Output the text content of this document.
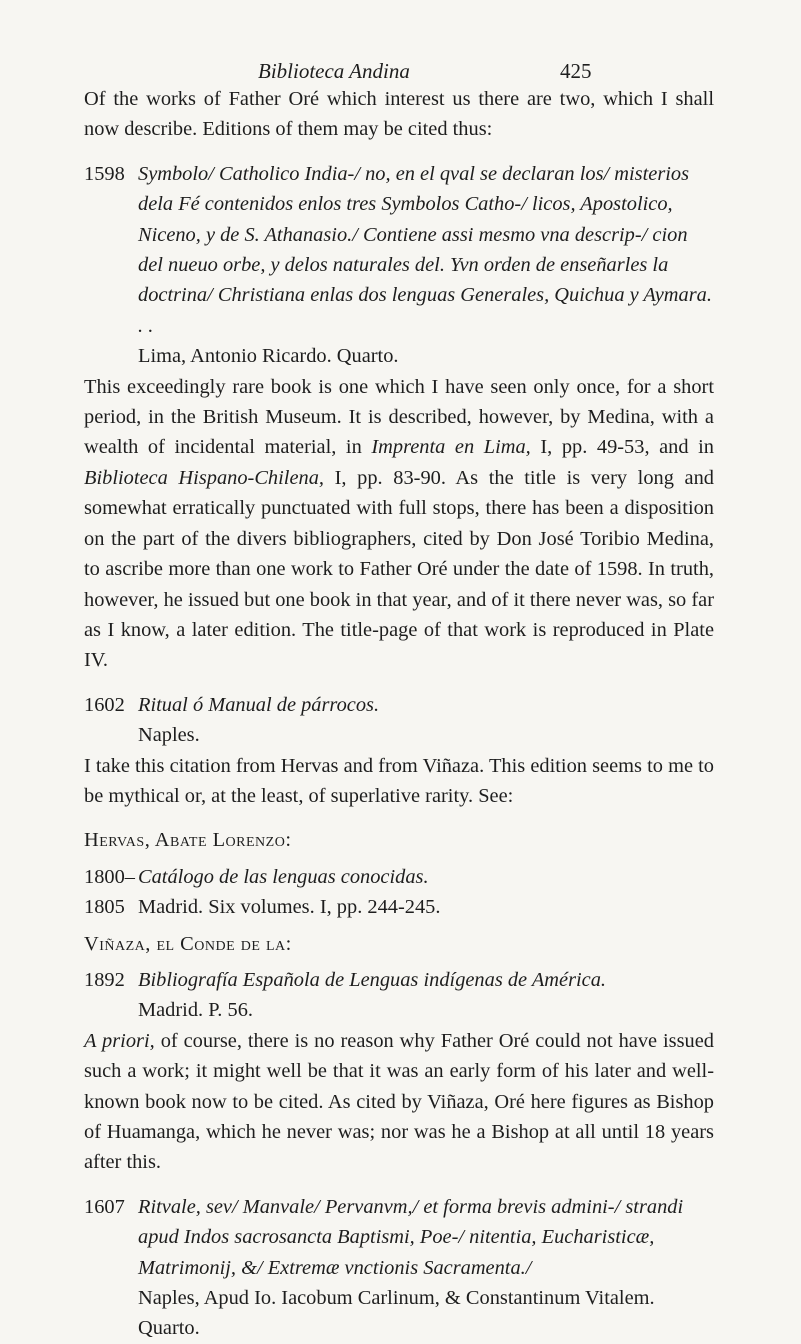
Biblioteca Andina	425

Of the works of Father Oré which interest us there are two, which I shall now describe. Editions of them may be cited thus:

1598 Symbolo/ Catholico India-/ no, en el qval se declaran los/ misterios dela Fé contenidos enlos tres Symbolos Catho-/ licos, Apostolico, Niceno, y de S. Athanasio./ Contiene assi mesmo vna descrip-/ cion del nueuo orbe, y delos naturales del. Yvn orden de enseñarles la doctrina/ Christiana enlas dos lenguas Generales, Quichua y Aymara. . .

Lima, Antonio Ricardo. Quarto.

This exceedingly rare book is one which I have seen only once, for a short period, in the British Museum. It is described, however, by Medina, with a wealth of incidental material, in Imprenta en Lima, I, pp. 49-53, and in Biblioteca Hispano-Chilena, I, pp. 83-90. As the title is very long and somewhat erratically punctuated with full stops, there has been a disposition on the part of the divers bibliographers, cited by Don José Toribio Medina, to ascribe more than one work to Father Oré under the date of 1598. In truth, however, he issued but one book in that year, and of it there never was, so far as I know, a later edition. The title-page of that work is reproduced in Plate IV.

1602 Ritual ó Manual de párrocos.

Naples.

I take this citation from Hervas and from Viñaza. This edition seems to me to be mythical or, at the least, of superlative rarity. See:

Hervas, Abate Lorenzo:

1800– Catálogo de las lenguas conocidas.

1805 Madrid. Six volumes. I, pp. 244-245.

Viñaza, el Conde de la:

1892 Bibliografía Española de Lenguas indígenas de América.

Madrid. P. 56.

A priori, of course, there is no reason why Father Oré could not have issued such a work; it might well be that it was an early form of his later and well-known book now to be cited. As cited by Viñaza, Oré here figures as Bishop of Huamanga, which he never was; nor was he a Bishop at all until 18 years after this.

1607 Ritvale, sev/ Manvale/ Pervanvm,/ et forma brevis admini-/ strandi apud Indos sacrosancta Baptismi, Poe-/ nitentia, Eucharisticæ, Matrimonij, &/ Extremæ vnctionis Sacramenta./

Naples, Apud Io. Iacobum Carlinum, & Constantinum Vitalem.

Quarto.
